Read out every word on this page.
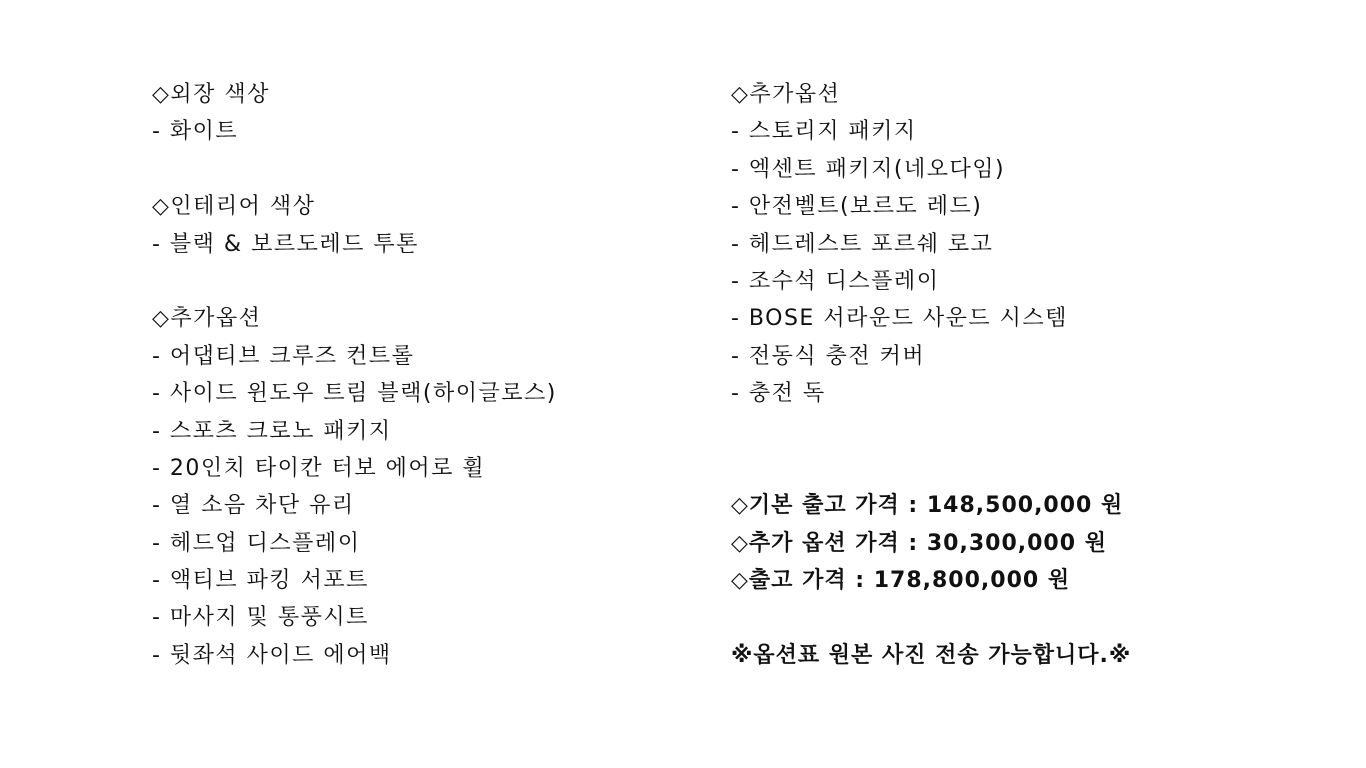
◇외장 색상
- 화이트
◇인테리어 색상
- 블랙 & 보르도레드 투톤
◇추가옵션
- 어댑티브 크루즈 컨트롤
- 사이드 윈도우 트림 블랙(하이글로스)
- 스포츠 크로노 패키지
- 20인치 타이칸 터보 에어로 휠
- 열 소음 차단 유리
- 헤드업 디스플레이
- 액티브 파킹 서포트
- 마사지 및 통풍시트
- 뒷좌석 사이드 에어백
◇추가옵션
- 스토리지 패키지
- 엑센트 패키지(네오다임)
- 안전벨트(보르도 레드)
- 헤드레스트 포르쉐 로고
- 조수석 디스플레이
- BOSE 서라운드 사운드 시스템
- 전동식 충전 커버
- 충전 독
◇기본 출고 가격 : 148,500,000 원
◇추가 옵션 가격 : 30,300,000 원
◇출고 가격 : 178,800,000 원
※옵션표 원본 사진 전송 가능합니다.※
